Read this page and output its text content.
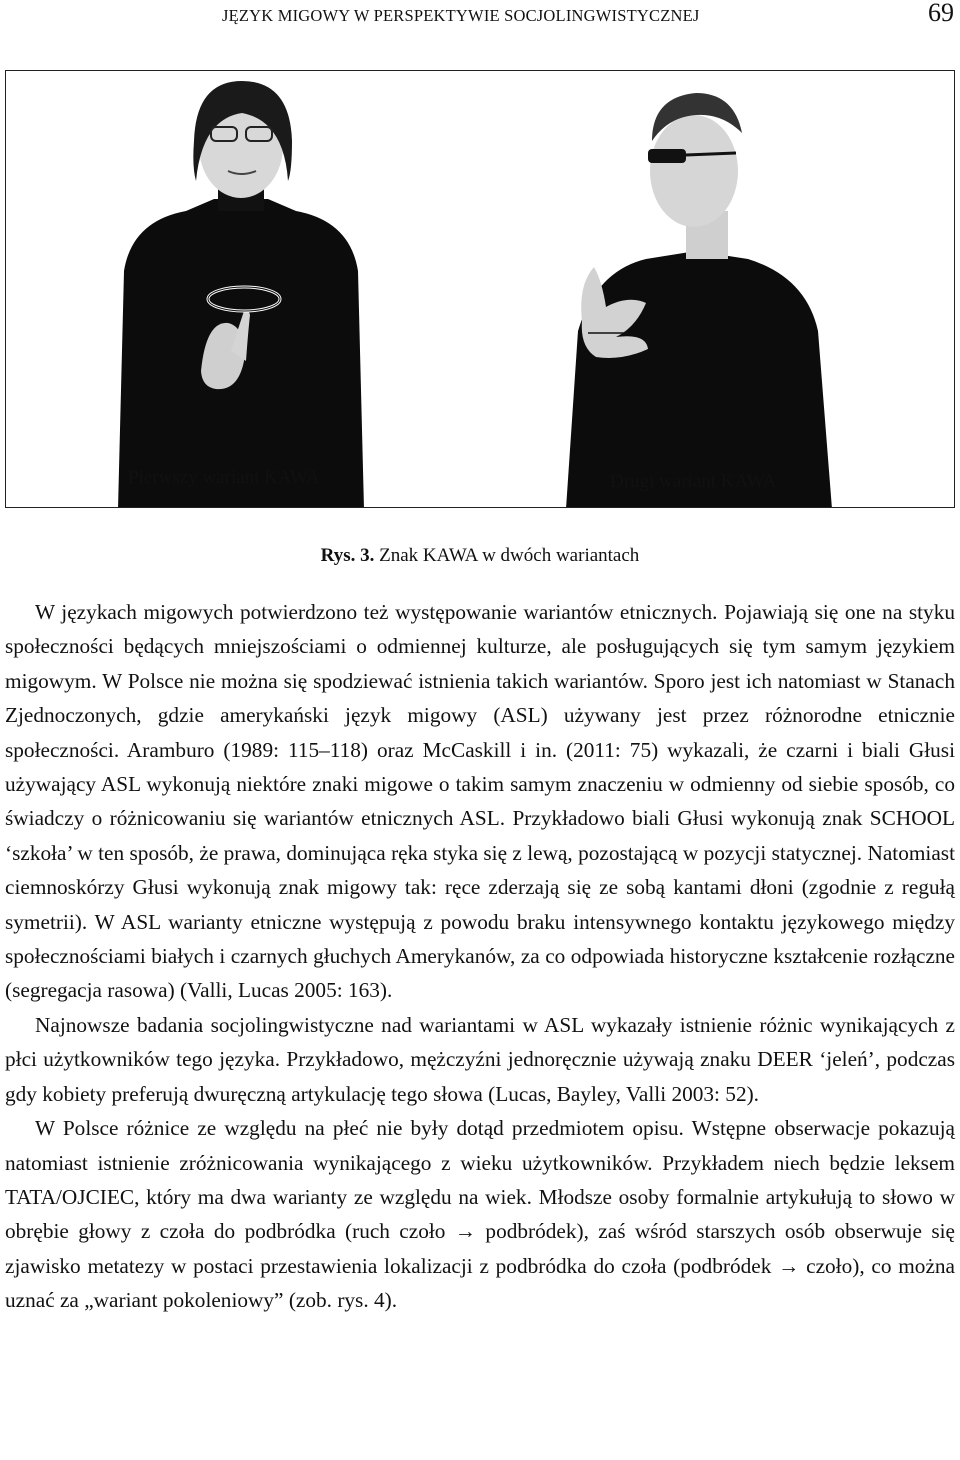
JĘZYK MIGOWY W PERSPEKTYWIE SOCJOLINGWISTYCZNEJ	69
Pierwszy wariant KAWA	Drugi wariant KAWA
Rys. 3. Znak KAWA w dwóch wariantach

W językach migowych potwierdzono też występowanie wariantów etnicznych. Pojawiają się one na styku społeczności będących mniejszościami o odmiennej kulturze, ale posługujących się tym samym językiem migowym. W Polsce nie można się spodziewać istnienia takich wariantów. Sporo jest ich natomiast w Stanach Zjednoczonych, gdzie amerykański język migowy (ASL) używany jest przez różnorodne etnicznie społeczności. Aramburo (1989: 115–118) oraz McCaskill i in. (2011: 75) wykazali, że czarni i biali Głusi używający ASL wykonują niektóre znaki migowe o takim samym znaczeniu w odmienny od siebie sposób, co świadczy o różnicowaniu się wariantów etnicznych ASL. Przykładowo biali Głusi wykonują znak SCHOOL ‘szkoła’ w ten sposób, że prawa, dominująca ręka styka się z lewą, pozostającą w pozycji statycznej. Natomiast ciemnoskórzy Głusi wykonują znak migowy tak: ręce zderzają się ze sobą kantami dłoni (zgodnie z regułą symetrii). W ASL warianty etniczne występują z powodu braku intensywnego kontaktu językowego między społecznościami białych i czarnych głuchych Amerykanów, za co odpowiada historyczne kształcenie rozłączne (segregacja rasowa) (Valli, Lucas 2005: 163).

Najnowsze badania socjolingwistyczne nad wariantami w ASL wykazały istnienie różnic wynikających z płci użytkowników tego języka. Przykładowo, mężczyźni jednoręcznie używają znaku DEER ‘jeleń’, podczas gdy kobiety preferują dwuręczną artykulację tego słowa (Lucas, Bayley, Valli 2003: 52).

W Polsce różnice ze względu na płeć nie były dotąd przedmiotem opisu. Wstępne obserwacje pokazują natomiast istnienie zróżnicowania wynikającego z wieku użytkowników. Przykładem niech będzie leksem TATA/OJCIEC, który ma dwa warianty ze względu na wiek. Młodsze osoby formalnie artykułują to słowo w obrębie głowy z czoła do podbródka (ruch czoło → podbródek), zaś wśród starszych osób obserwuje się zjawisko metatezy w postaci przestawienia lokalizacji z podbródka do czoła (podbródek → czoło), co można uznać za „wariant pokoleniowy” (zob. rys. 4).
